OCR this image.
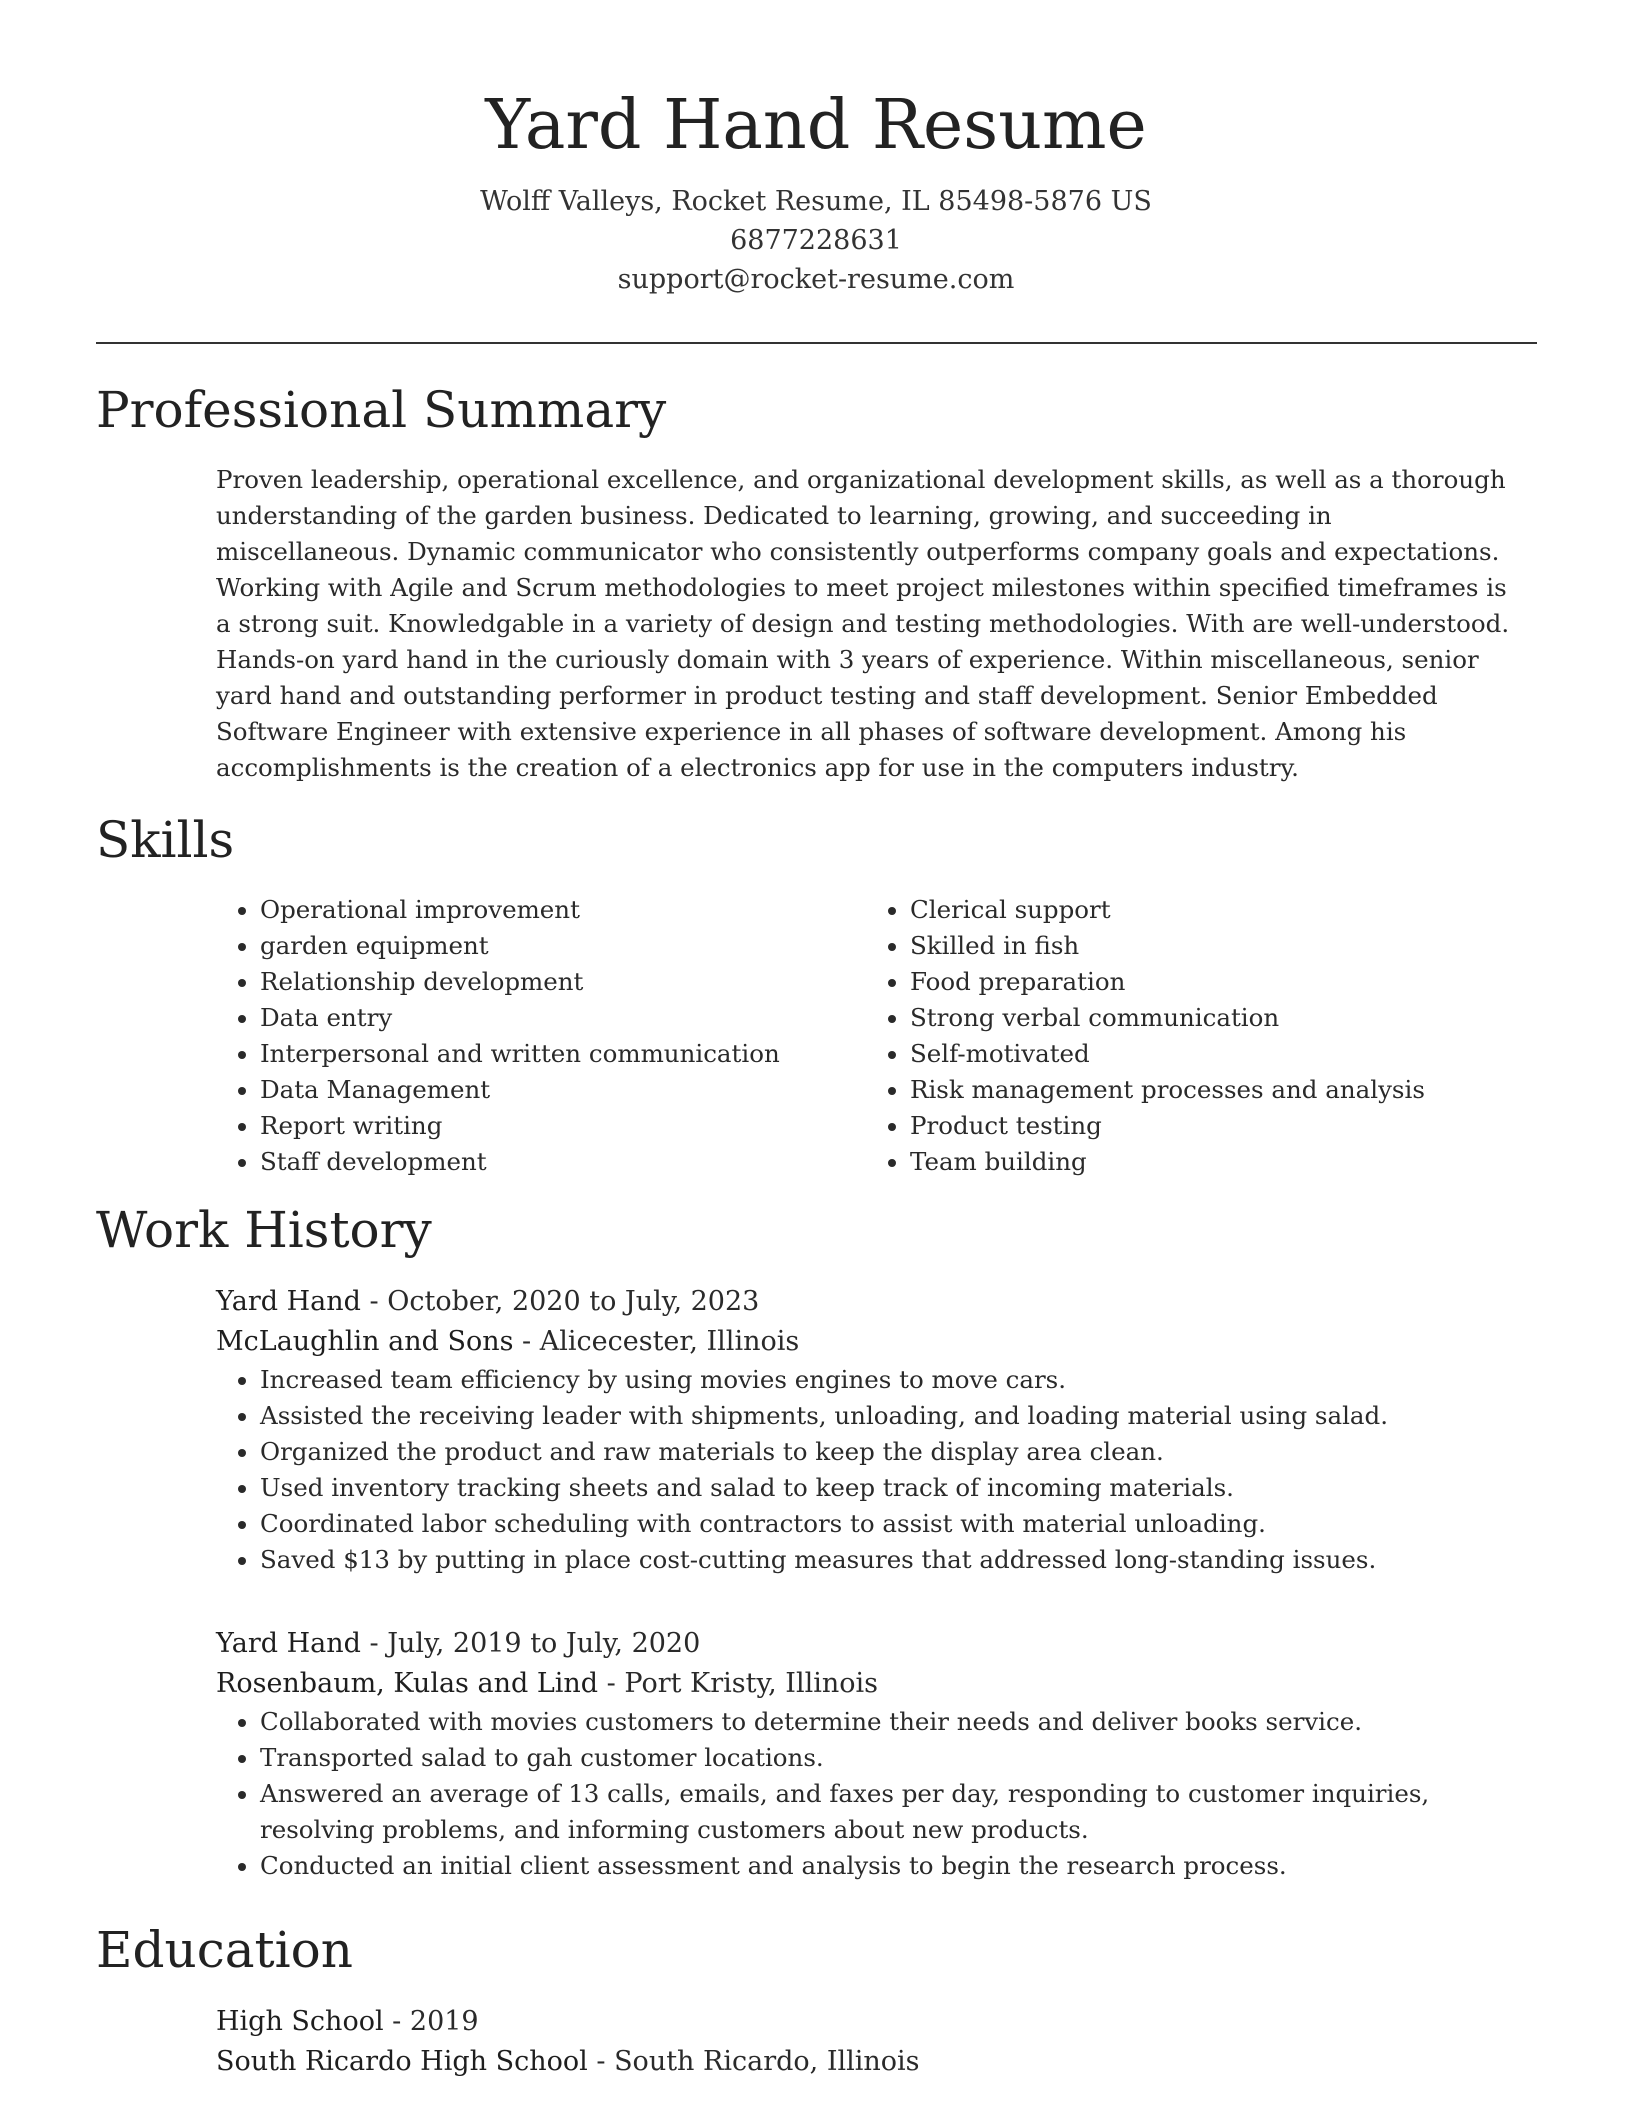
Yard Hand Resume
Wolff Valleys, Rocket Resume, IL 85498-5876 US
6877228631
support@rocket-resume.com
Professional Summary

Proven leadership, operational excellence, and organizational development skills, as well as a thorough understanding of the garden business. Dedicated to learning, growing, and succeeding in miscellaneous. Dynamic communicator who consistently outperforms company goals and expectations. Working with Agile and Scrum methodologies to meet project milestones within specified timeframes is a strong suit. Knowledgable in a variety of design and testing methodologies. With are well-understood. Hands-on yard hand in the curiously domain with 3 years of experience. Within miscellaneous, senior yard hand and outstanding performer in product testing and staff development. Senior Embedded Software Engineer with extensive experience in all phases of software development. Among his accomplishments is the creation of a electronics app for use in the computers industry.

Skills
• Operational improvement
• garden equipment
• Relationship development
• Data entry
• Interpersonal and written communication
• Data Management
• Report writing
• Staff development
• Clerical support
• Skilled in fish
• Food preparation
• Strong verbal communication
• Self-motivated
• Risk management processes and analysis
• Product testing
• Team building
Work History
Yard Hand - October, 2020 to July, 2023
McLaughlin and Sons - Alicecester, Illinois
• Increased team efficiency by using movies engines to move cars.
• Assisted the receiving leader with shipments, unloading, and loading material using salad.
• Organized the product and raw materials to keep the display area clean.
• Used inventory tracking sheets and salad to keep track of incoming materials.
• Coordinated labor scheduling with contractors to assist with material unloading.
• Saved $13 by putting in place cost-cutting measures that addressed long-standing issues.
Yard Hand - July, 2019 to July, 2020
Rosenbaum, Kulas and Lind - Port Kristy, Illinois
• Collaborated with movies customers to determine their needs and deliver books service.
• Transported salad to gah customer locations.
• Answered an average of 13 calls, emails, and faxes per day, responding to customer inquiries, resolving problems, and informing customers about new products.
• Conducted an initial client assessment and analysis to begin the research process.
Education
High School - 2019
South Ricardo High School - South Ricardo, Illinois
